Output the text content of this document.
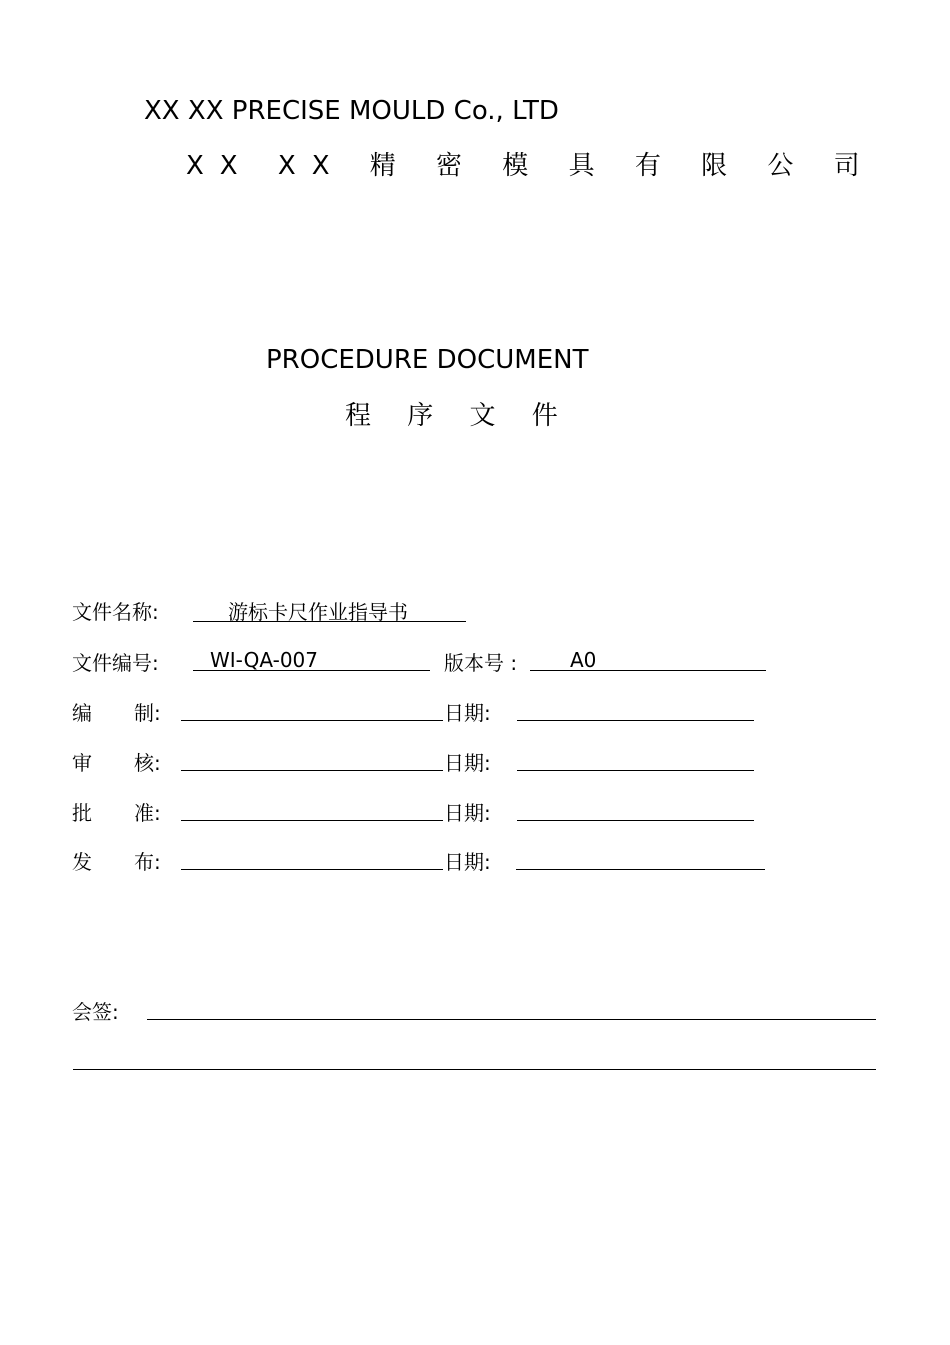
XX XX PRECISE MOULD Co., LTD
XX XX 精 密 模 具 有 限 公 司
PROCEDURE DOCUMENT
程 序 文 件
文件名称:	游标卡尺作业指导书
文件编号:	WI-QA-007	版本号 :	A0
编 制:	日期:
审 核:	日期:
批 准:	日期:
发 布:	日期:
会签:
